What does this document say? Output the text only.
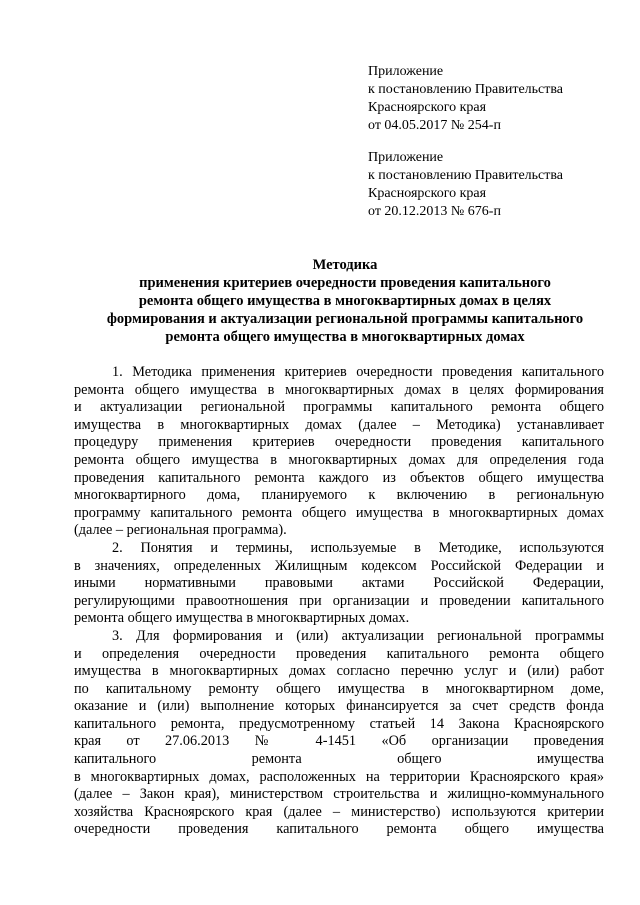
Приложение
к постановлению Правительства
Красноярского края
от 04.05.2017 № 254-п
Приложение
к постановлению Правительства
Красноярского края
от 20.12.2013 № 676-п
Методика
применения критериев очередности проведения капитального
ремонта общего имущества в многоквартирных домах в целях
формирования и актуализации региональной программы капитального
ремонта общего имущества в многоквартирных домах
1. Методика применения критериев очередности проведения капитального
ремонта общего имущества в многоквартирных домах в целях формирования
и актуализации региональной программы капитального ремонта общего
имущества в многоквартирных домах (далее – Методика) устанавливает
процедуру применения критериев очередности проведения капитального
ремонта общего имущества в многоквартирных домах для определения года
проведения капитального ремонта каждого из объектов общего имущества
многоквартирного дома, планируемого к включению в региональную
программу капитального ремонта общего имущества в многоквартирных домах
(далее – региональная программа).
2. Понятия и термины, используемые в Методике, используются
в значениях, определенных Жилищным кодексом Российской Федерации и
иными нормативными правовыми актами Российской Федерации,
регулирующими правоотношения при организации и проведении капитального
ремонта общего имущества в многоквартирных домах.
3. Для формирования и (или) актуализации региональной программы
и определения очередности проведения капитального ремонта общего
имущества в многоквартирных домах согласно перечню услуг и (или) работ
по капитальному ремонту общего имущества в многоквартирном доме,
оказание и (или) выполнение которых финансируется за счет средств фонда
капитального ремонта, предусмотренному статьей 14 Закона Красноярского
края от 27.06.2013 № 4-1451 «Об организации проведения
капитального ремонта общего имущества
в многоквартирных домах, расположенных на территории Красноярского края»
(далее – Закон края), министерством строительства и жилищно-коммунального
хозяйства Красноярского края (далее – министерство) используются критерии
очередности проведения капитального ремонта общего имущества
